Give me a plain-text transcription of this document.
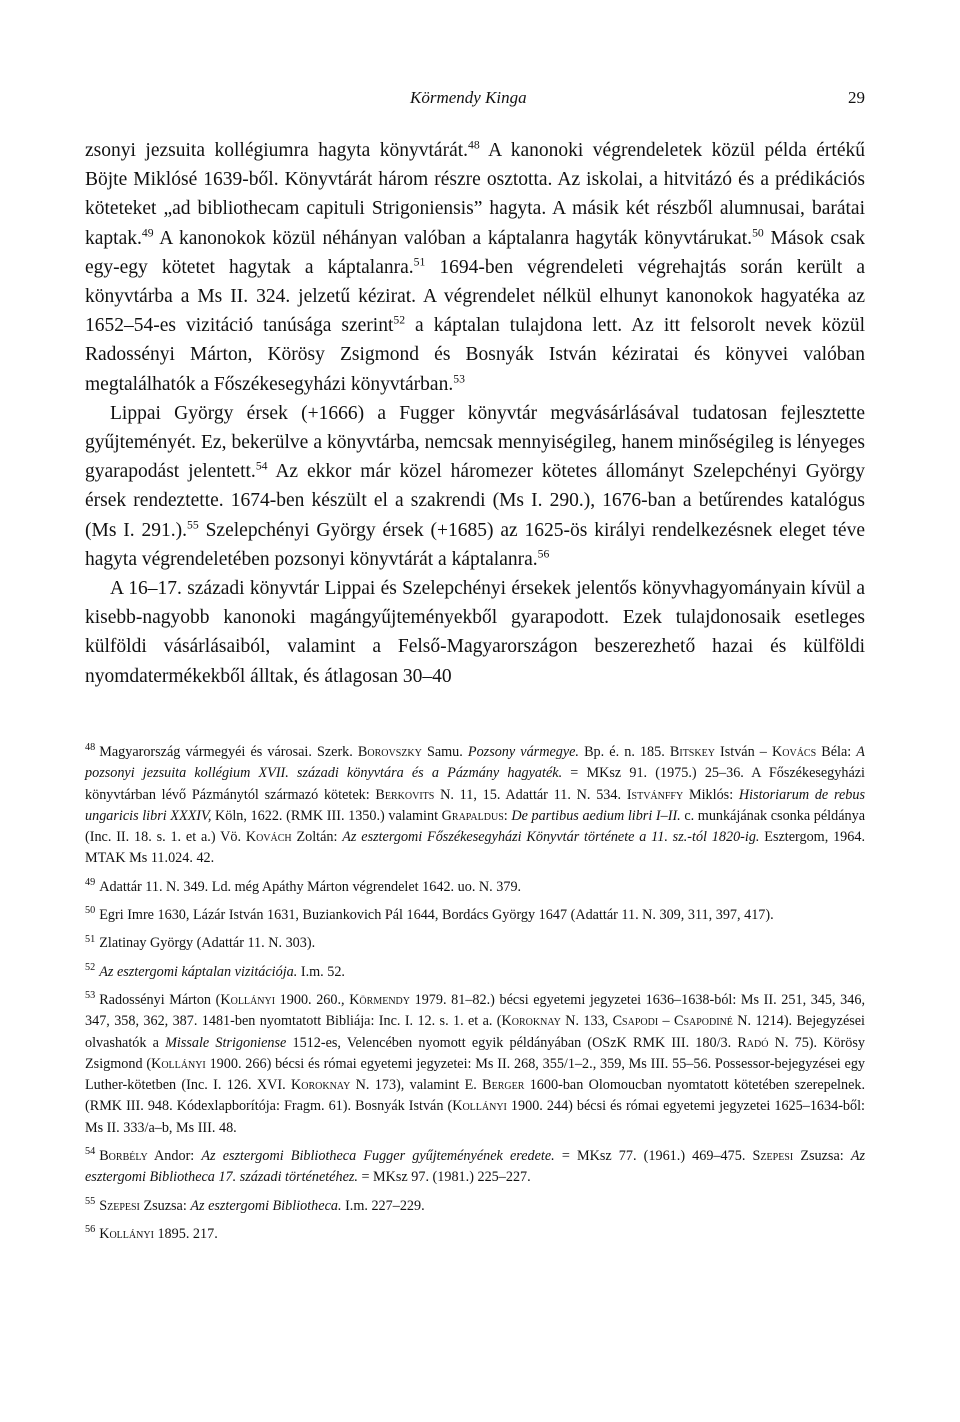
Körmendy Kinga	29

zsonyi jezsuita kollégiumra hagyta könyvtárát.$^{48}$ A kanonoki végrendeletek közül példa értékű Böjte Miklósé 1639-ből. Könyvtárát három részre osztotta. Az iskolai, a hitvitázó és a prédikációs köteteket „ad bibliothecam capituli Strigoniensis” hagyta. A másik két részből alumnusai, barátai kaptak.$^{49}$ A kanonokok közül néhányan valóban a káptalanra hagyták könyvtárukat.$^{50}$ Mások csak egy-egy kötetet hagytak a káptalanra.$^{51}$ 1694-ben végrendeleti végrehajtás során került a könyvtárba a Ms II. 324. jelzetű kézirat. A végrendelet nélkül elhunyt kanonokok hagyatéka az 1652–54-es vizitáció tanúsága szerint$^{52}$ a káptalan tulajdona lett. Az itt felsorolt nevek közül Radossényi Márton, Körösy Zsigmond és Bosnyák István kéziratai és könyvei valóban megtalálhatók a Főszékesegyházi könyvtárban.$^{53}$

Lippai György érsek (+1666) a Fugger könyvtár megvásárlásával tudatosan fejlesztette gyűjteményét. Ez, bekerülve a könyvtárba, nemcsak mennyiségileg, hanem minőségileg is lényeges gyarapodást jelentett.$^{54}$ Az ekkor már közel háromezer kötetes állományt Szelepchényi György érsek rendeztette. 1674-ben készült el a szakrendi (Ms I. 290.), 1676-ban a betűrendes katalógus (Ms I. 291.).$^{55}$ Szelepchényi György érsek (+1685) az 1625-ös királyi rendelkezésnek eleget téve hagyta végrendeletében pozsonyi könyvtárát a káptalanra.$^{56}$

A 16–17. századi könyvtár Lippai és Szelepchényi érsekek jelentős könyvhagyományain kívül a kisebb-nagyobb kanonoki magángyűjteményekből gyarapodott. Ezek tulajdonosaik esetleges külföldi vásárlásaiból, valamint a Felső-Magyarországon beszerezhető hazai és külföldi nyomdatermékekből álltak, és átlagosan 30–40

$^{48}$ Magyarország vármegyéi és városai. Szerk. Borovszky Samu. Pozsony vármegye. Bp. é. n. 185. Bitskey István – Kovács Béla: A pozsonyi jezsuita kollégium XVII. századi könyvtára és a Pázmány hagyaték. = MKsz 91. (1975.) 25–36. A Főszékesegyházi könyvtárban lévő Pázmánytól származó kötetek: Berkovits N. 11, 15. Adattár 11. N. 534. Istvánffy Miklós: Historiarum de rebus ungaricis libri XXXIV, Köln, 1622. (RMK III. 1350.) valamint Grapaldus: De partibus aedium libri I–II. c. munkájának csonka példánya (Inc. II. 18. s. 1. et a.) Vö. Kovách Zoltán: Az esztergomi Főszékesegyházi Könyvtár története a 11. sz.-tól 1820-ig. Esztergom, 1964. MTAK Ms 11.024. 42.
$^{49}$ Adattár 11. N. 349. Ld. még Apáthy Márton végrendelet 1642. uo. N. 379.
$^{50}$ Egri Imre 1630, Lázár István 1631, Buziankovich Pál 1644, Bordács György 1647 (Adattár 11. N. 309, 311, 397, 417).
$^{51}$ Zlatinay György (Adattár 11. N. 303).
$^{52}$ Az esztergomi káptalan vizitációja. I.m. 52.
$^{53}$ Radossényi Márton (Kollányi 1900. 260., Körmendy 1979. 81–82.) bécsi egyetemi jegyzetei 1636–1638-ból: Ms II. 251, 345, 346, 347, 358, 362, 387. 1481-ben nyomtatott Bibliája: Inc. I. 12. s. 1. et a. (Koroknay N. 133, Csapodi – Csapodiné N. 1214). Bejegyzései olvashatók a Missale Strigoniense 1512-es, Velencében nyomott egyik példányában (OSzK RMK III. 180/3. Radó N. 75). Körösy Zsigmond (Kollányi 1900. 266) bécsi és római egyetemi jegyzetei: Ms II. 268, 355/1–2., 359, Ms III. 55–56. Possessor-bejegyzései egy Luther-kötetben (Inc. I. 126. XVI. Koroknay N. 173), valamint E. Berger 1600-ban Olomoucban nyomtatott kötetében szerepelnek. (RMK III. 948. Kódexlapborítója: Fragm. 61). Bosnyák István (Kollányi 1900. 244) bécsi és római egyetemi jegyzetei 1625–1634-ből: Ms II. 333/a–b, Ms III. 48.
$^{54}$ Borbély Andor: Az esztergomi Bibliotheca Fugger gyűjteményének eredete. = MKsz 77. (1961.) 469–475. Szepesi Zsuzsa: Az esztergomi Bibliotheca 17. századi történetéhez. = MKsz 97. (1981.) 225–227.
$^{55}$ Szepesi Zsuzsa: Az esztergomi Bibliotheca. I.m. 227–229.
$^{56}$ Kollányi 1895. 217.
